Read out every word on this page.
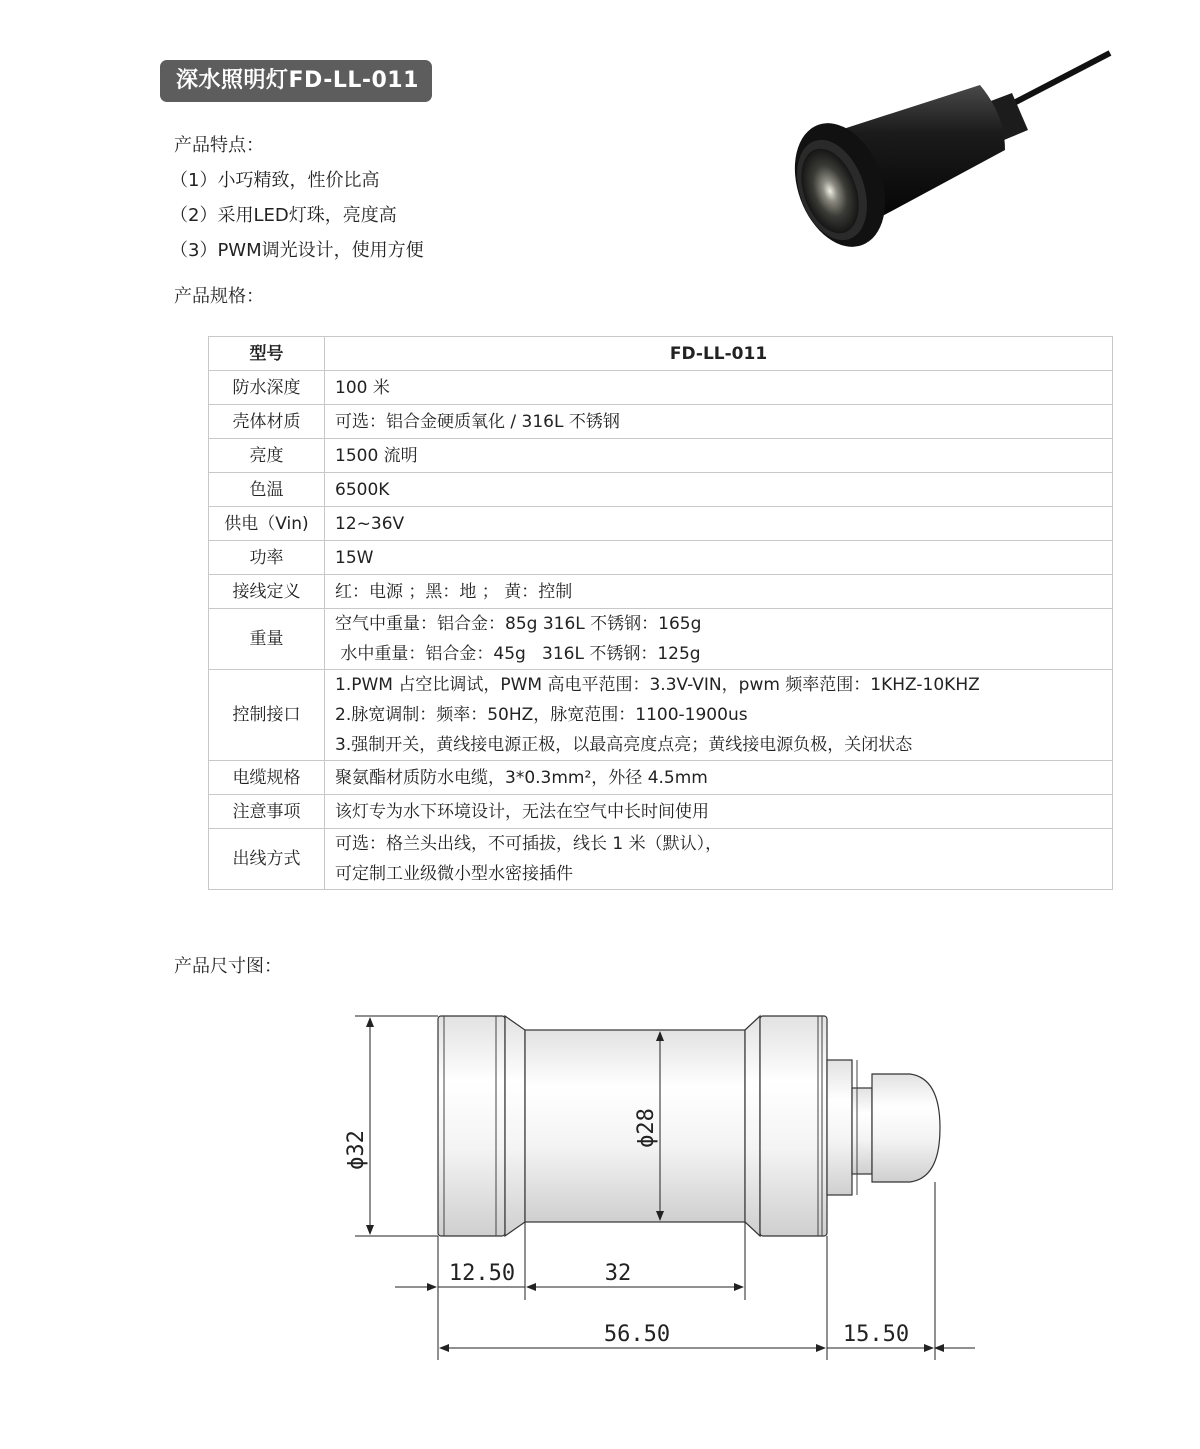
深水照明灯FD-LL-011
产品特点：
（1）小巧精致，性价比高
（2）采用LED灯珠，亮度高
（3）PWM调光设计，使用方便
产品规格：
型号	FD-LL-011
防水深度	100 米

壳体材质	可选：铝合金硬质氧化 / 316L 不锈钢

亮度	1500 流明

色温	6500K

供电（Vin)	12~36V

功率	15W

接线定义	红：电源 ；黑：地 ； 黄：控制

重量	空气中重量：铝合金：85g 316L 不锈钢：165g
水中重量：铝合金：45g   316L 不锈钢：125g

控制接口	1.PWM 占空比调试，PWM 高电平范围：3.3V-VIN，pwm 频率范围：1KHZ-10KHZ
2.脉宽调制：频率：50HZ，脉宽范围：1100-1900us
3.强制开关，黄线接电源正极，以最高亮度点亮；黄线接电源负极，关闭状态

电缆规格	聚氨酯材质防水电缆，3*0.3mm²，外径 4.5mm

注意事项	该灯专为水下环境设计，无法在空气中长时间使用

出线方式	可选：格兰头出线，不可插拔，线长 1 米（默认），
可定制工业级微小型水密接插件
产品尺寸图：
ϕ32
ϕ28
12.50	32
56.50	15.50
